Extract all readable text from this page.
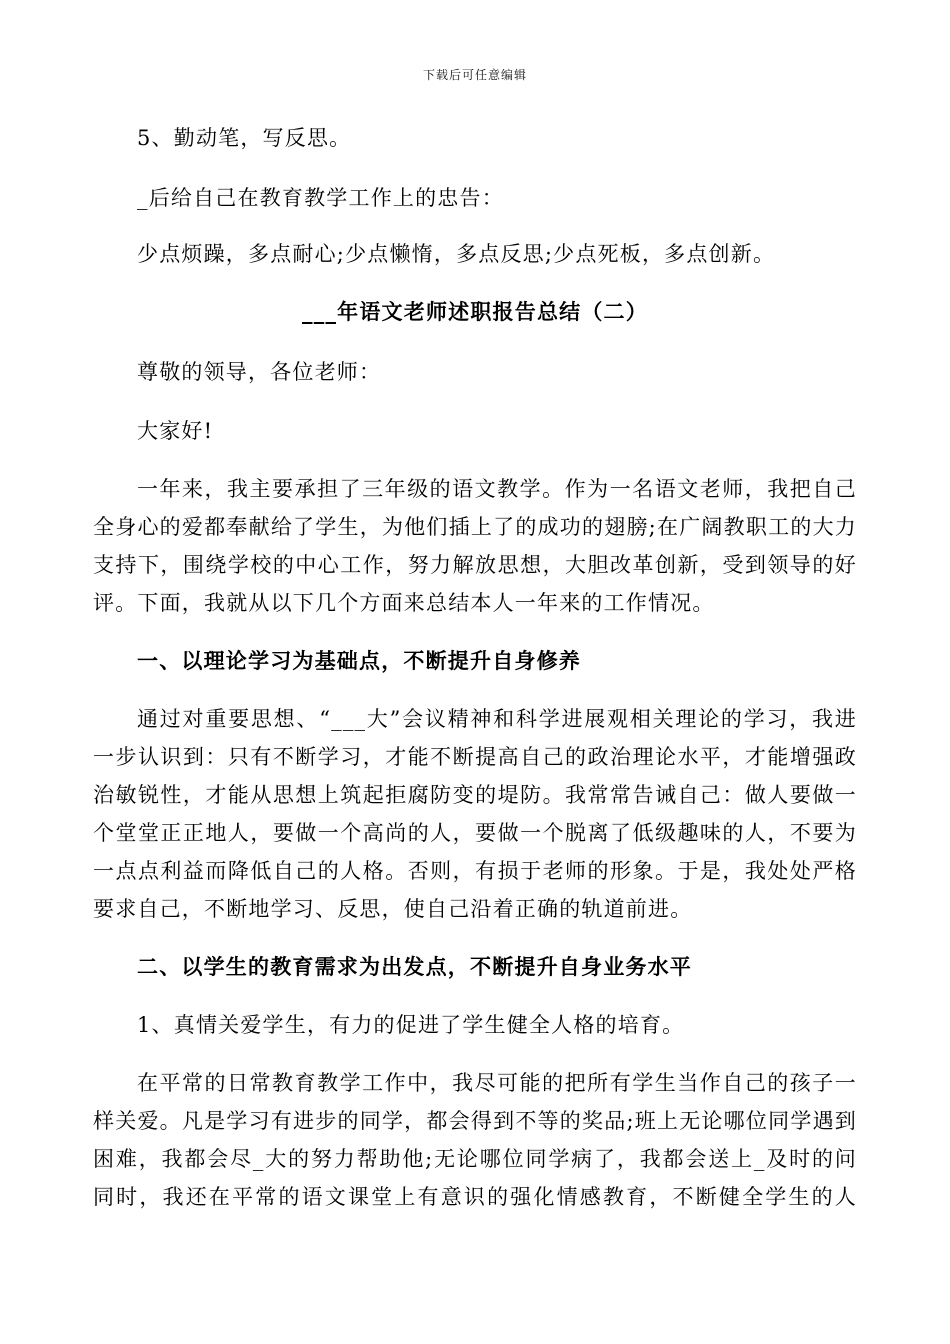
下载后可任意编辑
5、勤动笔，写反思。
_后给自己在教育教学工作上的忠告：
少点烦躁，多点耐心;少点懒惰，多点反思;少点死板，多点创新。
___年语文老师述职报告总结（二）
尊敬的领导，各位老师：
大家好!
一年来，我主要承担了三年级的语文教学。作为一名语文老师，我把自己
全身心的爱都奉献给了学生，为他们插上了的成功的翅膀;在广阔教职工的大力
支持下，围绕学校的中心工作，努力解放思想，大胆改革创新，受到领导的好
评。下面，我就从以下几个方面来总结本人一年来的工作情况。
一、以理论学习为基础点，不断提升自身修养
通过对重要思想、“___大”会议精神和科学进展观相关理论的学习，我进
一步认识到：只有不断学习，才能不断提高自己的政治理论水平，才能增强政
治敏锐性，才能从思想上筑起拒腐防变的堤防。我常常告诫自己：做人要做一
个堂堂正正地人，要做一个高尚的人，要做一个脱离了低级趣味的人，不要为
一点点利益而降低自己的人格。否则，有损于老师的形象。于是，我处处严格
要求自己，不断地学习、反思，使自己沿着正确的轨道前进。
二、以学生的教育需求为出发点，不断提升自身业务水平
1、真情关爱学生，有力的促进了学生健全人格的培育。
在平常的日常教育教学工作中，我尽可能的把所有学生当作自己的孩子一
样关爱。凡是学习有进步的同学，都会得到不等的奖品;班上无论哪位同学遇到
困难，我都会尽_大的努力帮助他;无论哪位同学病了，我都会送上_及时的问
同时，我还在平常的语文课堂上有意识的强化情感教育，不断健全学生的人
